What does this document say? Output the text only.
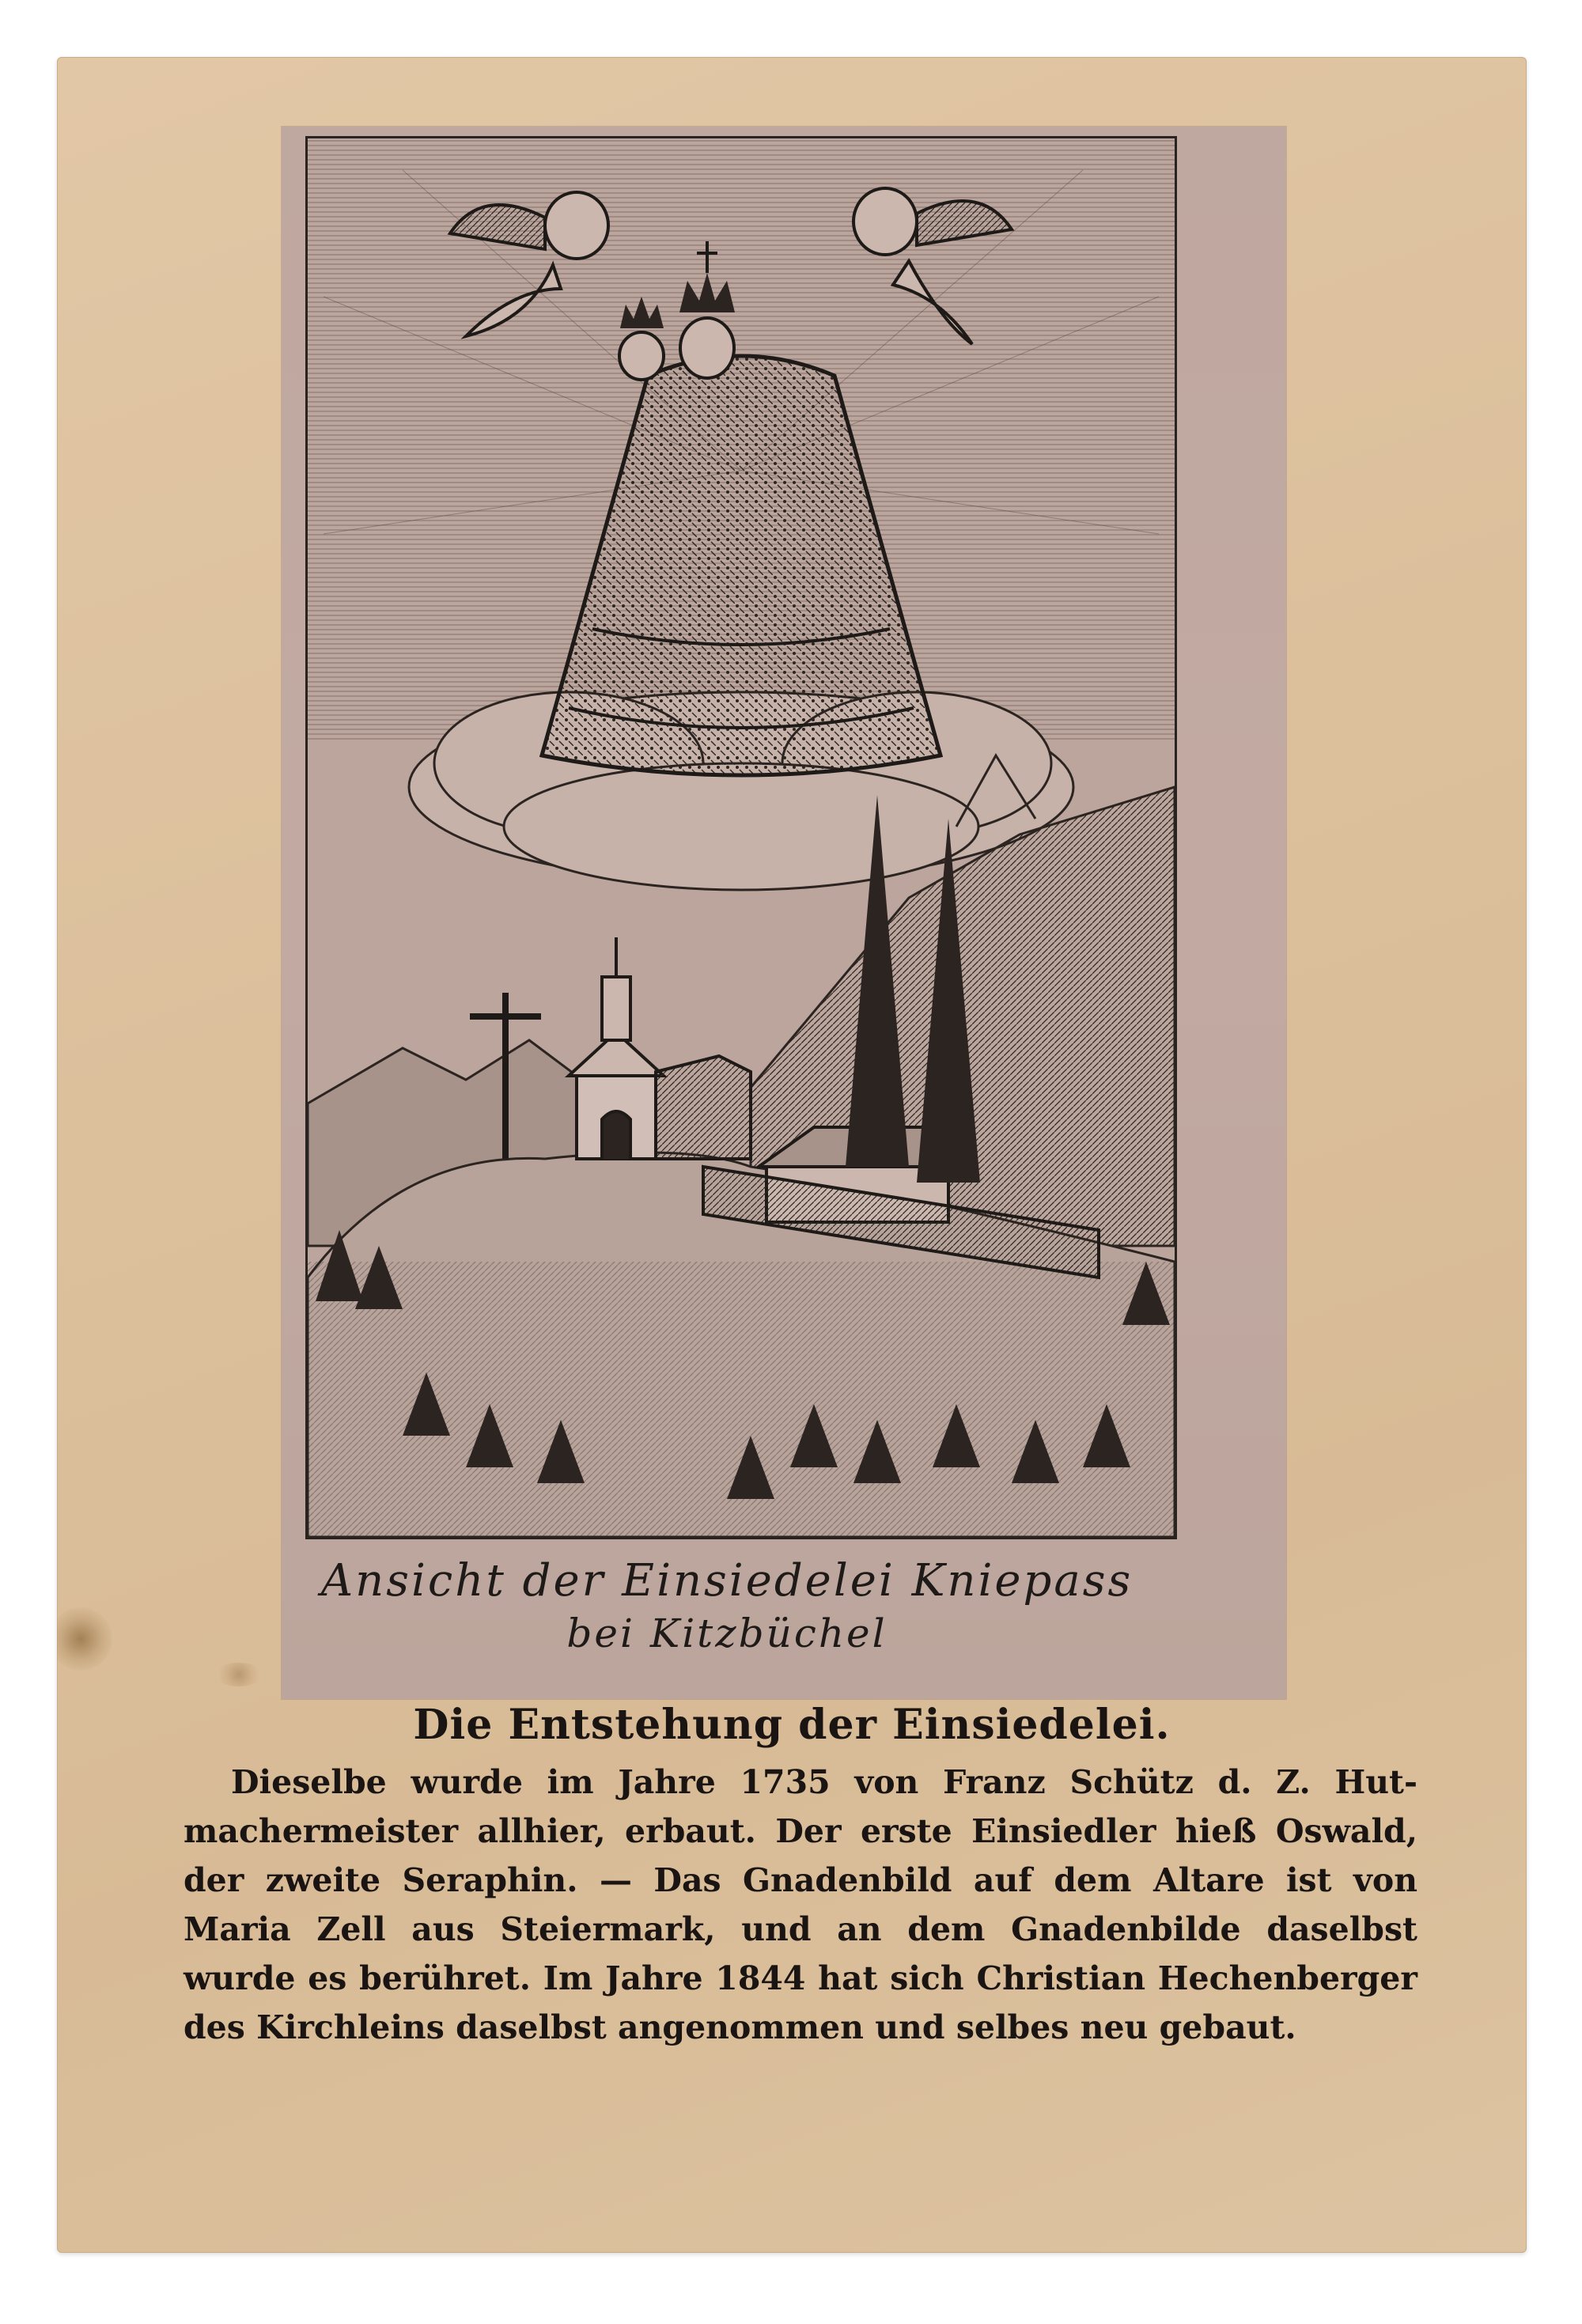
Ansicht der Einsiedelei Kniepass
bei Kitzbüchel
Die Entstehung der Einsiedelei.
Dieselbe wurde im Jahre 1735 von Franz Schütz d. Z. Hut-
machermeister allhier, erbaut. Der erste Einsiedler hieß Oswald,
der zweite Seraphin. — Das Gnadenbild auf dem Altare ist von
Maria Zell aus Steiermark, und an dem Gnadenbilde daselbst
wurde es berühret. Im Jahre 1844 hat sich Christian Hechenberger
des Kirchleins daselbst angenommen und selbes neu gebaut.
